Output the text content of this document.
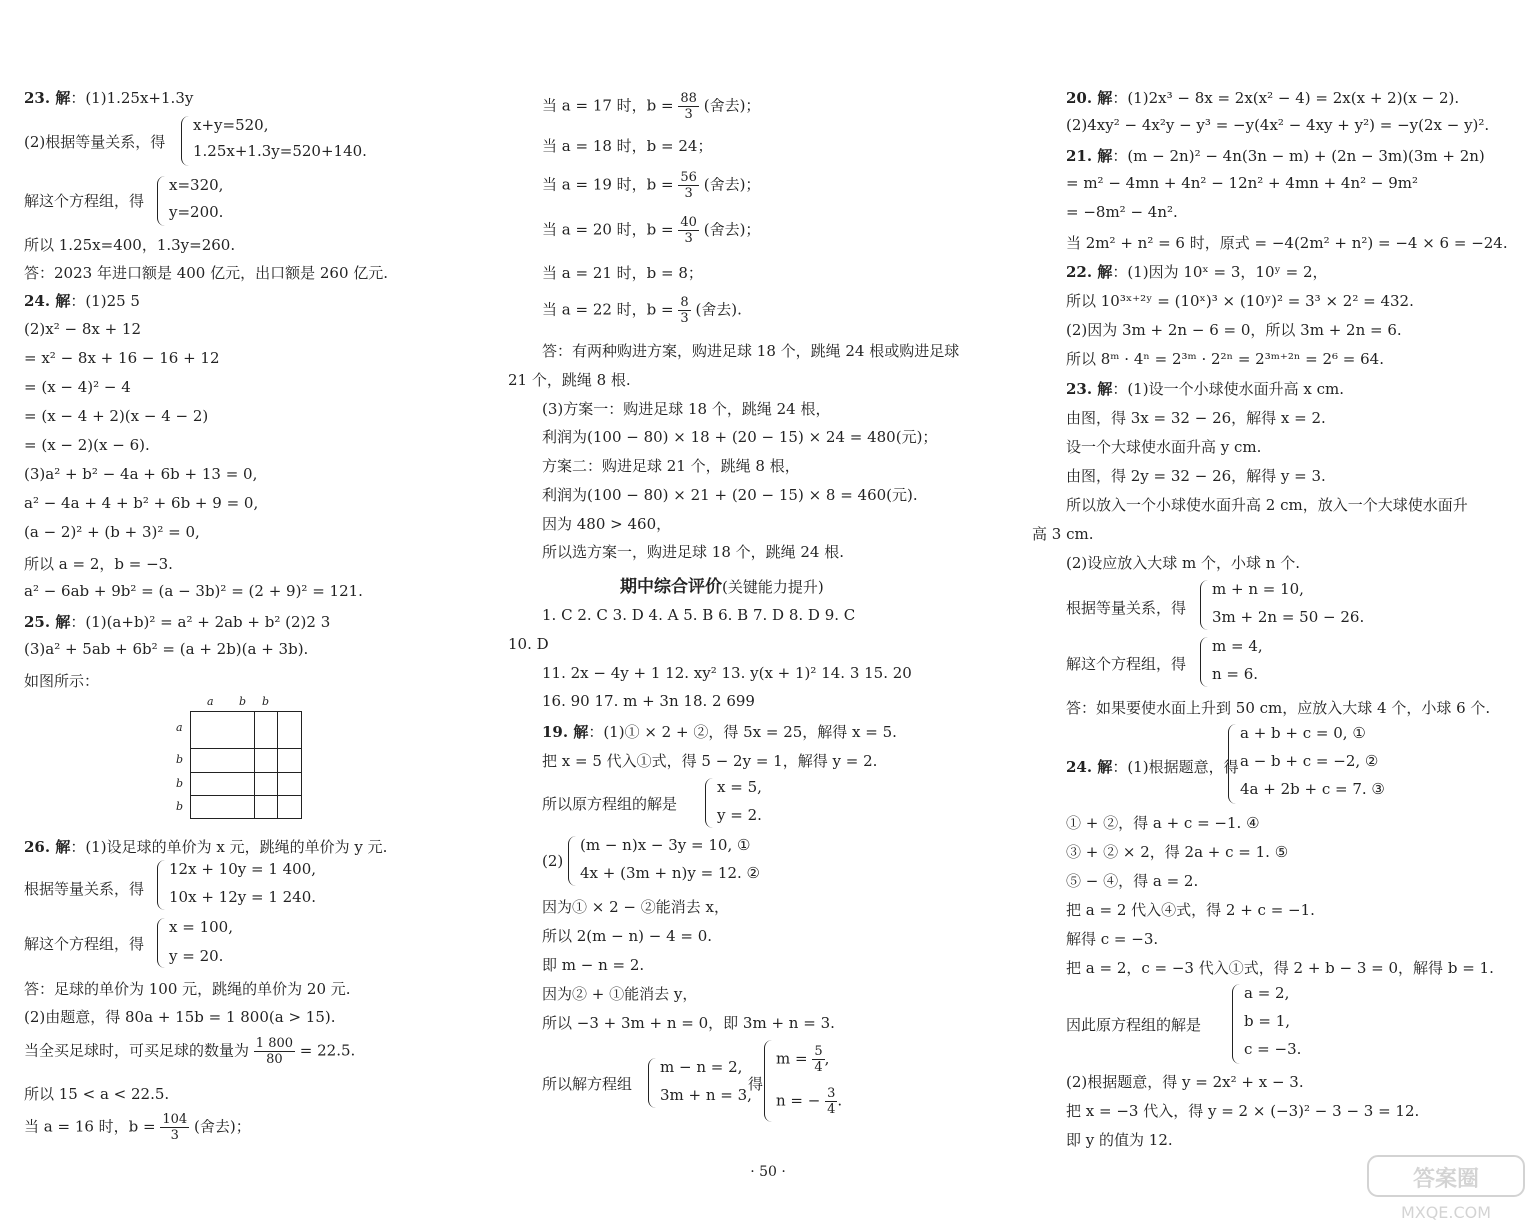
23. 解：(1)1.25x+1.3y
(2)根据等量关系，得
x+y=520,
1.25x+1.3y=520+140.
解这个方程组，得
x=320,
y=200.
所以 1.25x=400，1.3y=260.
答：2023 年进口额是 400 亿元，出口额是 260 亿元.
24. 解：(1)25 5
(2)x² − 8x + 12
= x² − 8x + 16 − 16 + 12
= (x − 4)² − 4
= (x − 4 + 2)(x − 4 − 2)
= (x − 2)(x − 6).
(3)a² + b² − 4a + 6b + 13 = 0,
a² − 4a + 4 + b² + 6b + 9 = 0,
(a − 2)² + (b + 3)² = 0,
所以 a = 2，b = −3.
a² − 6ab + 9b² = (a − 3b)² = (2 + 9)² = 121.
25. 解：(1)(a+b)² = a² + 2ab + b² (2)2 3
(3)a² + 5ab + 6b² = (a + 2b)(a + 3b).
如图所示：
a b b
a
b
b
b
26. 解：(1)设足球的单价为 x 元，跳绳的单价为 y 元.
根据等量关系，得
12x + 10y = 1 400,
10x + 12y = 1 240.
解这个方程组，得
x = 100,
y = 20.
答：足球的单价为 100 元，跳绳的单价为 20 元.
(2)由题意，得 80a + 15b = 1 800(a > 15).
当全买足球时，可买足球的数量为 $\frac{1 800}{80} = 22.5$.
所以 15 < a < 22.5.
当 a = 16 时，$b = \frac{104}{3}$ (舍去)；
当 a = 17 时，$b = \frac{88}{3}$ (舍去)；
当 a = 18 时，b = 24；
当 a = 19 时，$b = \frac{56}{3}$ (舍去)；
当 a = 20 时，$b = \frac{40}{3}$ (舍去)；
当 a = 21 时，b = 8；
当 a = 22 时，$b = \frac{8}{3}$ (舍去).
答：有两种购进方案，购进足球 18 个，跳绳 24 根或购进足球
21 个，跳绳 8 根.
(3)方案一：购进足球 18 个，跳绳 24 根，
利润为(100 − 80) × 18 + (20 − 15) × 24 = 480(元)；
方案二：购进足球 21 个，跳绳 8 根，
利润为(100 − 80) × 21 + (20 − 15) × 8 = 460(元).
因为 480 > 460，
所以选方案一，购进足球 18 个，跳绳 24 根.
期中综合评价(关键能力提升)
1. C 2. C 3. D 4. A 5. B 6. B 7. D 8. D 9. C
10. D
11. 2x − 4y + 1 12. xy² 13. y(x + 1)² 14. 3 15. 20
16. 90 17. m + 3n 18. 2 699
19. 解：(1)① × 2 + ②，得 5x = 25，解得 x = 5.
把 x = 5 代入①式，得 5 − 2y = 1，解得 y = 2.
所以原方程组的解是
x = 5,
y = 2.
(2)
(m − n)x − 3y = 10, ①
4x + (3m + n)y = 12. ②
因为① × 2 − ②能消去 x，
所以 2(m − n) − 4 = 0.
即 m − n = 2.
因为② + ①能消去 y，
所以 −3 + 3m + n = 0，即 3m + n = 3.
所以解方程组
m − n = 2,
3m + n = 3,
得
$m = \frac{5}{4}$ ,
n = − $\frac{3}{4}$ .
20. 解：(1)2x³ − 8x = 2x(x² − 4) = 2x(x + 2)(x − 2).
(2)4xy² − 4x²y − y³ = −y(4x² − 4xy + y²) = −y(2x − y)².
21. 解：(m − 2n)² − 4n(3n − m) + (2n − 3m)(3m + 2n)
= m² − 4mn + 4n² − 12n² + 4mn + 4n² − 9m²
= −8m² − 4n².
当 2m² + n² = 6 时，原式 = −4(2m² + n²) = −4 × 6 = −24.
22. 解：(1)因为 10ˣ = 3，10ʸ = 2，
所以 10³ˣ⁺²ʸ = (10ˣ)³ × (10ʸ)² = 3³ × 2² = 432.
(2)因为 3m + 2n − 6 = 0，所以 3m + 2n = 6.
所以 8ᵐ · 4ⁿ = 2³ᵐ · 2²ⁿ = 2³ᵐ⁺²ⁿ = 2⁶ = 64.
23. 解：(1)设一个小球使水面升高 x cm.
由图，得 3x = 32 − 26，解得 x = 2.
设一个大球使水面升高 y cm.
由图，得 2y = 32 − 26，解得 y = 3.
所以放入一个小球使水面升高 2 cm，放入一个大球使水面升
高 3 cm.
(2)设应放入大球 m 个，小球 n 个.
根据等量关系，得
m + n = 10,
3m + 2n = 50 − 26.
解这个方程组，得
m = 4,
n = 6.
答：如果要使水面上升到 50 cm，应放入大球 4 个，小球 6 个.
24. 解：(1)根据题意，得
a + b + c = 0, ①
a − b + c = −2, ②
4a + 2b + c = 7. ③
① + ②，得 a + c = −1. ④
③ + ② × 2，得 2a + c = 1. ⑤
⑤ − ④，得 a = 2.
把 a = 2 代入④式，得 2 + c = −1.
解得 c = −3.
把 a = 2，c = −3 代入①式，得 2 + b − 3 = 0，解得 b = 1.
因此原方程组的解是
a = 2,
b = 1,
c = −3.
(2)根据题意，得 y = 2x² + x − 3.
把 x = −3 代入，得 y = 2 × (−3)² − 3 − 3 = 12.
即 y 的值为 12.
· 50 ·	答案圈
MXQE.COM
